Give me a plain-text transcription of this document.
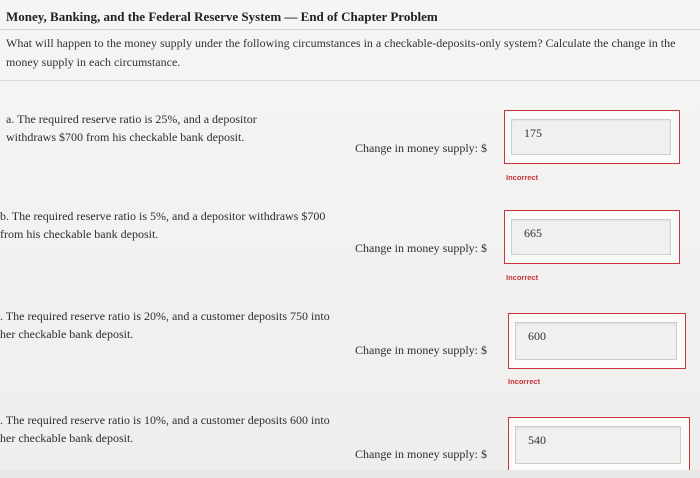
Money, Banking, and the Federal Reserve System — End of Chapter Problem
What will happen to the money supply under the following circumstances in a checkable-deposits-only system? Calculate the change in the money supply in each circumstance.
a. The required reserve ratio is 25%, and a depositor withdraws $700 from his checkable bank deposit.
Change in money supply: $
175
Incorrect
b. The required reserve ratio is 5%, and a depositor withdraws $700 from his checkable bank deposit.
Change in money supply: $
665
Incorrect
. The required reserve ratio is 20%, and a customer deposits 750 into her checkable bank deposit.
Change in money supply: $
600
Incorrect
. The required reserve ratio is 10%, and a customer deposits 600 into her checkable bank deposit.
Change in money supply: $
540
